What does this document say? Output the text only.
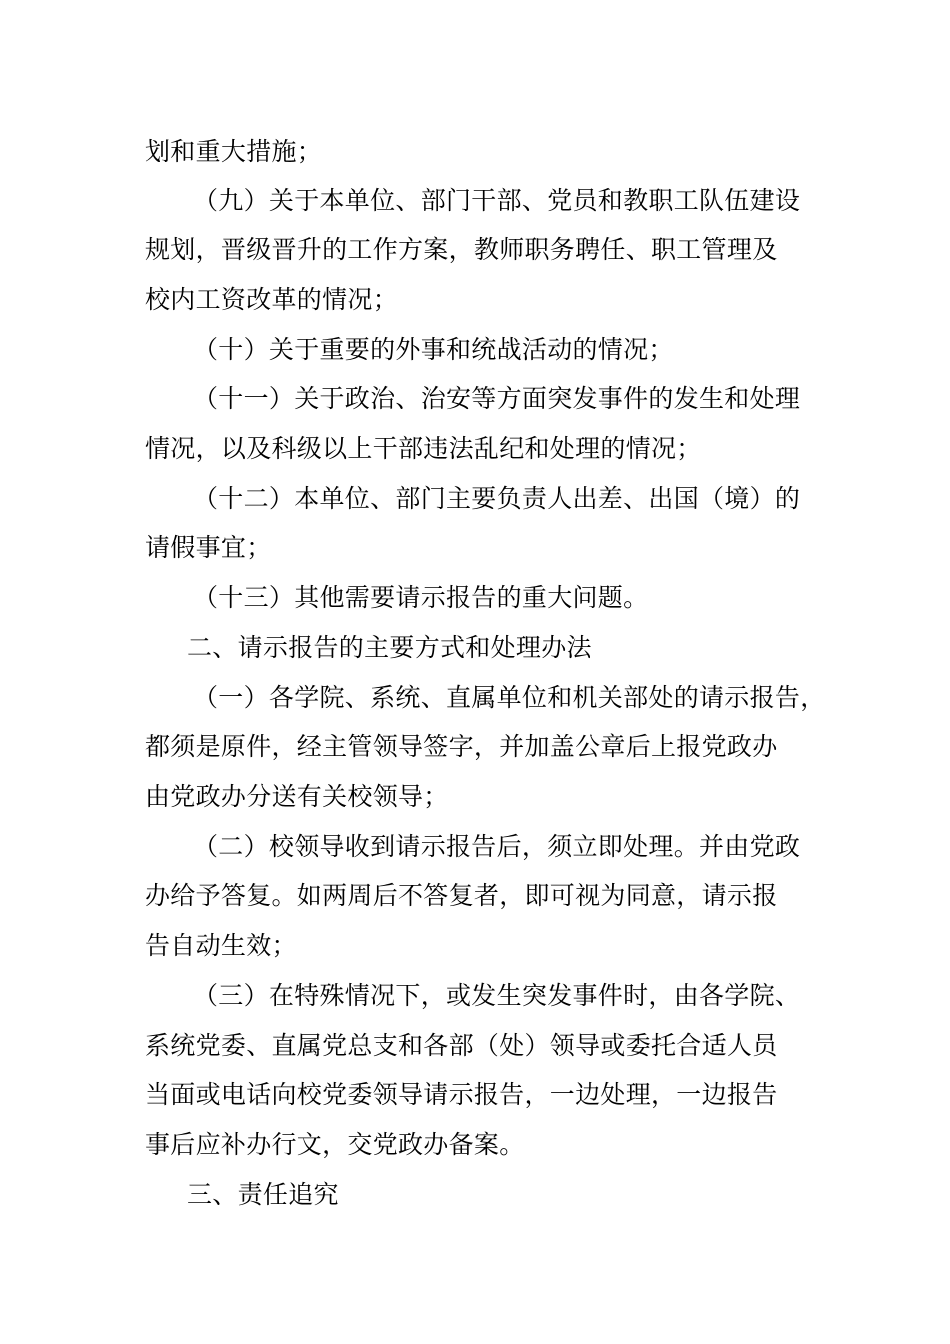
划和重大措施；
（九）关于本单位、部门干部、党员和教职工队伍建设
规划，晋级晋升的工作方案，教师职务聘任、职工管理及
校内工资改革的情况；
（十）关于重要的外事和统战活动的情况；
（十一）关于政治、治安等方面突发事件的发生和处理
情况，以及科级以上干部违法乱纪和处理的情况；
（十二）本单位、部门主要负责人出差、出国（境）的
请假事宜；
（十三）其他需要请示报告的重大问题。
二、请示报告的主要方式和处理办法
（一）各学院、系统、直属单位和机关部处的请示报告，
都须是原件，经主管领导签字，并加盖公章后上报党政办
由党政办分送有关校领导；
（二）校领导收到请示报告后，须立即处理。并由党政
办给予答复。如两周后不答复者，即可视为同意，请示报
告自动生效；
（三）在特殊情况下，或发生突发事件时，由各学院、
系统党委、直属党总支和各部（处）领导或委托合适人员
当面或电话向校党委领导请示报告，一边处理，一边报告
事后应补办行文，交党政办备案。
三、责任追究
